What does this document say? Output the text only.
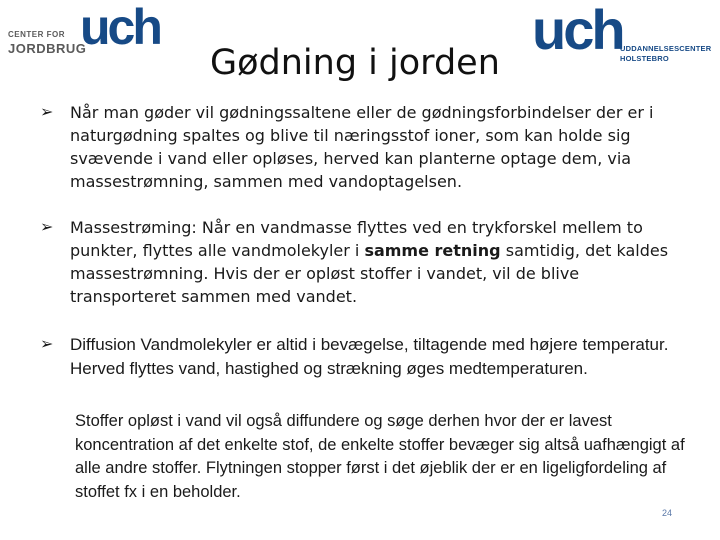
CENTER FOR
JORDBRUG
uch
Gødning i jorden
uch
UDDANNELSESCENTER
HOLSTEBRO
➢ Når man gøder vil gødningssaltene eller de gødningsforbindelser der er i naturgødning spaltes og blive til næringsstof ioner, som kan holde sig svævende i vand eller opløses, herved kan planterne optage dem, via massestrømning, sammen med vandoptagelsen.
➢ Massestrøming: Når en vandmasse flyttes ved en trykforskel mellem to punkter, flyttes alle vandmolekyler i samme retning samtidig, det kaldes massestrømning. Hvis der er opløst stoffer i vandet, vil de blive transporteret sammen med vandet.
➢ Diffusion Vandmolekyler er altid i bevægelse, tiltagende med højere temperatur. Herved flyttes vand, hastighed og strækning øges medtemperaturen.
Stoffer opløst i vand vil også diffundere og søge derhen hvor der er lavest koncentration af det enkelte stof, de enkelte stoffer bevæger sig altså uafhængigt af alle andre stoffer. Flytningen stopper først i det øjeblik der er en ligeligfordeling af stoffet fx i en beholder.
24
